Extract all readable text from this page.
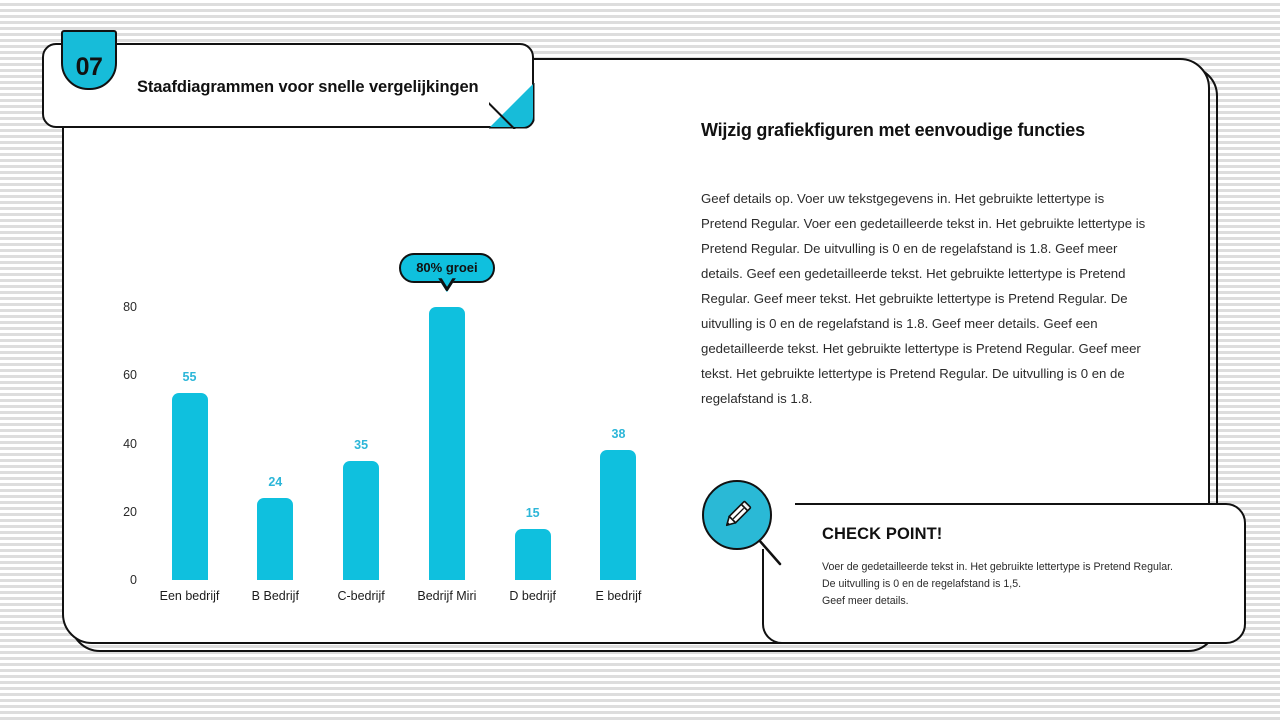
0
20
40
60
80
55
Een bedrijf
24
B Bedrijf
35
C-bedrijf	Bedrijf Miri
80% groei
15
D bedrijf
38
E bedrijf
Wijzig grafiekfiguren met eenvoudige functies
Geef details op. Voer uw tekstgegevens in. Het gebruikte lettertype is Pretend Regular. Voer een gedetailleerde tekst in. Het gebruikte lettertype is Pretend Regular. De uitvulling is 0 en de regelafstand is 1.8. Geef meer details. Geef een gedetailleerde tekst. Het gebruikte lettertype is Pretend Regular. Geef meer tekst. Het gebruikte lettertype is Pretend Regular. De uitvulling is 0 en de regelafstand is 1.8. Geef meer details. Geef een gedetailleerde tekst. Het gebruikte lettertype is Pretend Regular. Geef meer tekst. Het gebruikte lettertype is Pretend Regular. De uitvulling is 0 en de regelafstand is 1.8.
CHECK POINT!
Voer de gedetailleerde tekst in. Het gebruikte lettertype is Pretend Regular.
De uitvulling is 0 en de regelafstand is 1,5.
Geef meer details.
07
Staafdiagrammen voor snelle vergelijkingen
